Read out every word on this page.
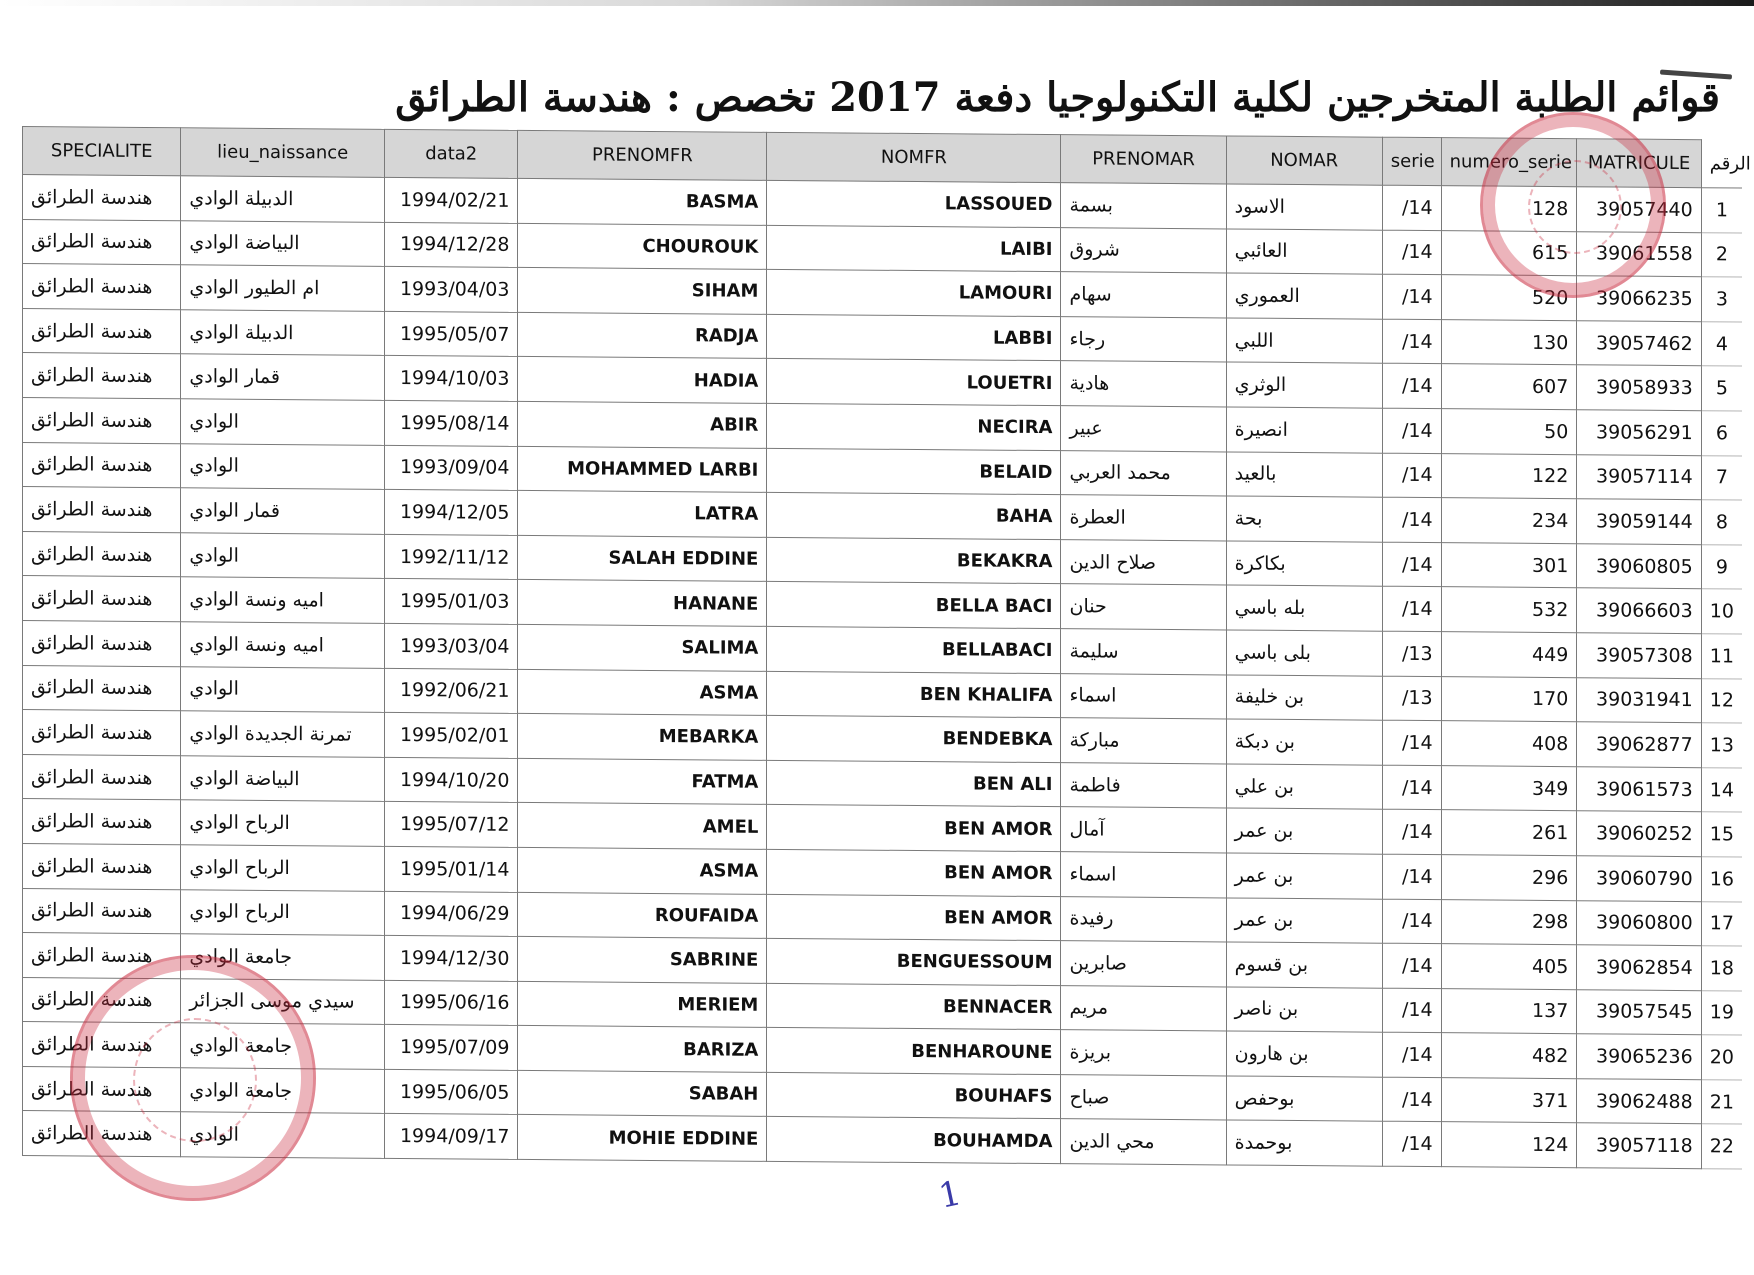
قوائم الطلبة المتخرجين لكلية التكنولوجيا دفعة 2017 تخصص : هندسة الطرائق
SPECIALITE	lieu_naissance	data2	PRENOMFR	NOMFR	PRENOMAR	NOMAR	serie	numero_serie	MATRICULE	الرقم
هندسة الطرائق	الدبيلة الوادي	1994/02/21	BASMA	LASSOUED	بسمة	الاسود	14/	128	39057440	1
هندسة الطرائق	البياضة الوادي	1994/12/28	CHOUROUK	LAIBI	شروق	العائبي	14/	615	39061558	2
هندسة الطرائق	ام الطيور الوادي	1993/04/03	SIHAM	LAMOURI	سهام	العموري	14/	520	39066235	3
هندسة الطرائق	الدبيلة الوادي	1995/05/07	RADJA	LABBI	رجاء	اللبي	14/	130	39057462	4
هندسة الطرائق	قمار الوادي	1994/10/03	HADIA	LOUETRI	هادية	الوثري	14/	607	39058933	5
هندسة الطرائق	الوادي	1995/08/14	ABIR	NECIRA	عبير	انصيرة	14/	50	39056291	6
هندسة الطرائق	الوادي	1993/09/04	MOHAMMED LARBI	BELAID	محمد العربي	بالعيد	14/	122	39057114	7
هندسة الطرائق	قمار الوادي	1994/12/05	LATRA	BAHA	العطرة	بحة	14/	234	39059144	8
هندسة الطرائق	الوادي	1992/11/12	SALAH EDDINE	BEKAKRA	صلاح الدين	بكاكرة	14/	301	39060805	9
هندسة الطرائق	اميه ونسة الوادي	1995/01/03	HANANE	BELLA BACI	حنان	بله باسي	14/	532	39066603	10
هندسة الطرائق	اميه ونسة الوادي	1993/03/04	SALIMA	BELLABACI	سليمة	بلى باسي	13/	449	39057308	11
هندسة الطرائق	الوادي	1992/06/21	ASMA	BEN KHALIFA	اسماء	بن خليفة	13/	170	39031941	12
هندسة الطرائق	تمرنة الجديدة الوادي	1995/02/01	MEBARKA	BENDEBKA	مباركة	بن دبكة	14/	408	39062877	13
هندسة الطرائق	البياضة الوادي	1994/10/20	FATMA	BEN ALI	فاطمة	بن علي	14/	349	39061573	14
هندسة الطرائق	الرباح الوادي	1995/07/12	AMEL	BEN AMOR	آمال	بن عمر	14/	261	39060252	15
هندسة الطرائق	الرباح الوادي	1995/01/14	ASMA	BEN AMOR	اسماء	بن عمر	14/	296	39060790	16
هندسة الطرائق	الرباح الوادي	1994/06/29	ROUFAIDA	BEN AMOR	رفيدة	بن عمر	14/	298	39060800	17
هندسة الطرائق	جامعة الوادي	1994/12/30	SABRINE	BENGUESSOUM	صابرين	بن قسوم	14/	405	39062854	18
هندسة الطرائق	سيدي موسى الجزائر	1995/06/16	MERIEM	BENNACER	مريم	بن ناصر	14/	137	39057545	19
هندسة الطرائق	جامعة الوادي	1995/07/09	BARIZA	BENHAROUNE	بريزة	بن هارون	14/	482	39065236	20
هندسة الطرائق	جامعة الوادي	1995/06/05	SABAH	BOUHAFS	صباح	بوحفص	14/	371	39062488	21
هندسة الطرائق	الوادي	1994/09/17	MOHIE EDDINE	BOUHAMDA	محي الدين	بوحمدة	14/	124	39057118	22
1
